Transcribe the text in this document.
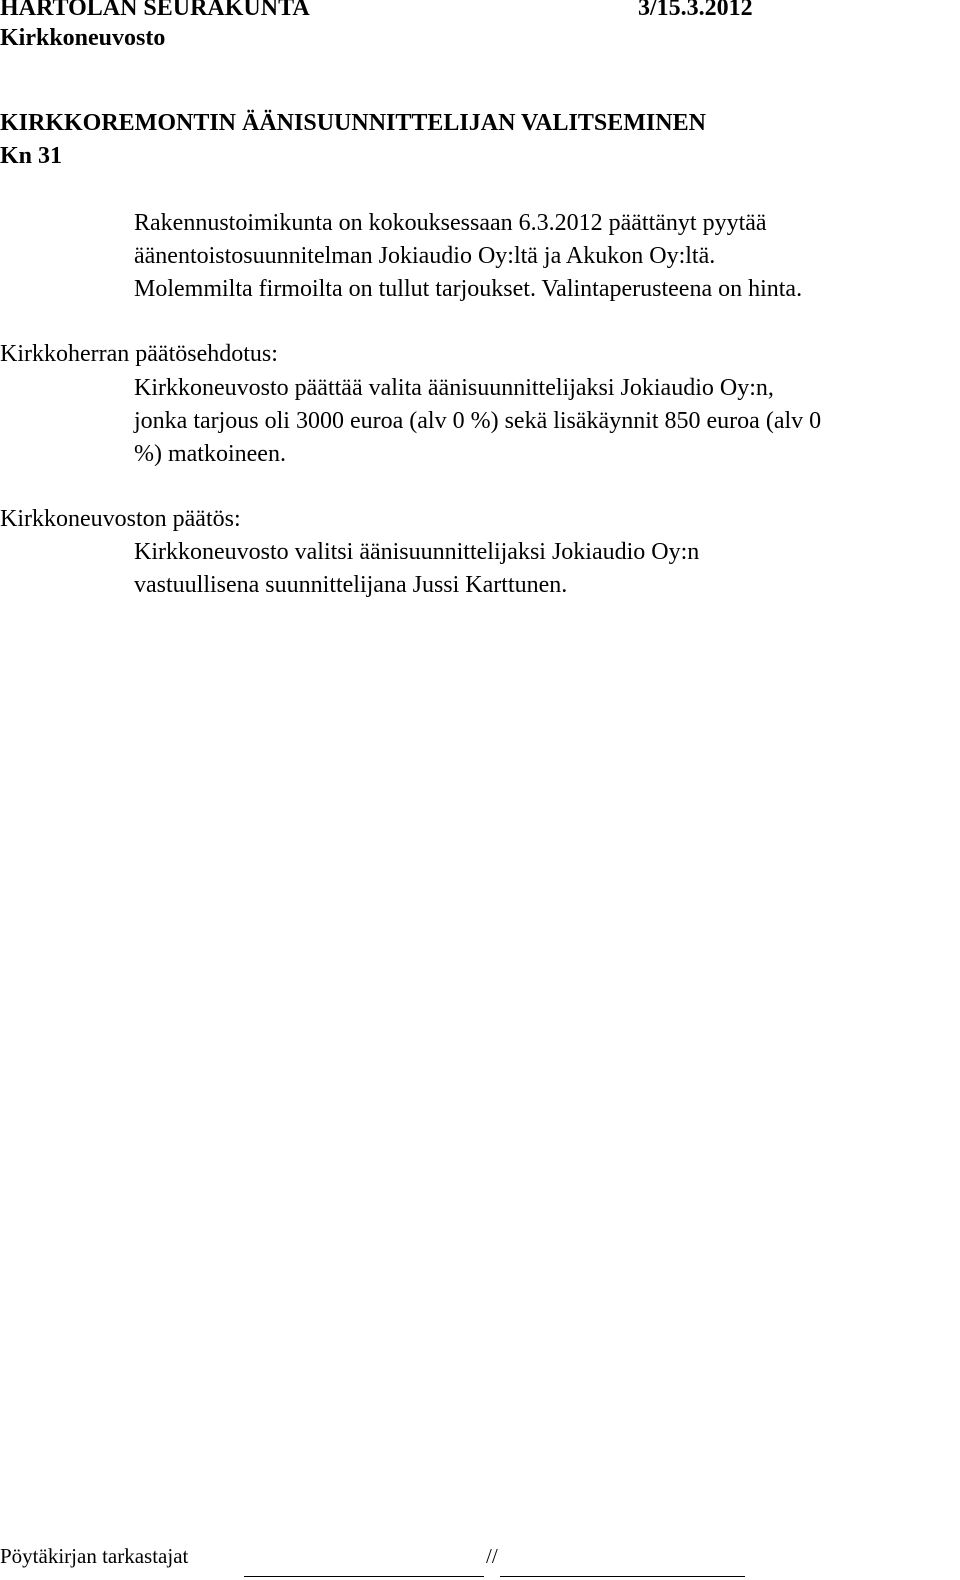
HARTOLAN SEURAKUNTA	3/15.3.2012
Kirkkoneuvosto
KIRKKOREMONTIN ÄÄNISUUNNITTELIJAN VALITSEMINEN
Kn 31
Rakennustoimikunta on kokouksessaan 6.3.2012 päättänyt pyytää
äänentoistosuunnitelman Jokiaudio Oy:ltä ja Akukon Oy:ltä.
Molemmilta firmoilta on tullut tarjoukset. Valintaperusteena on hinta.
Kirkkoherran päätösehdotus:
Kirkkoneuvosto päättää valita äänisuunnittelijaksi Jokiaudio Oy:n,
jonka tarjous oli 3000 euroa (alv 0 %) sekä lisäkäynnit 850 euroa (alv 0
%) matkoineen.
Kirkkoneuvoston päätös:
Kirkkoneuvosto valitsi äänisuunnittelijaksi Jokiaudio Oy:n
vastuullisena suunnittelijana Jussi Karttunen.
Pöytäkirjan tarkastajat	//
